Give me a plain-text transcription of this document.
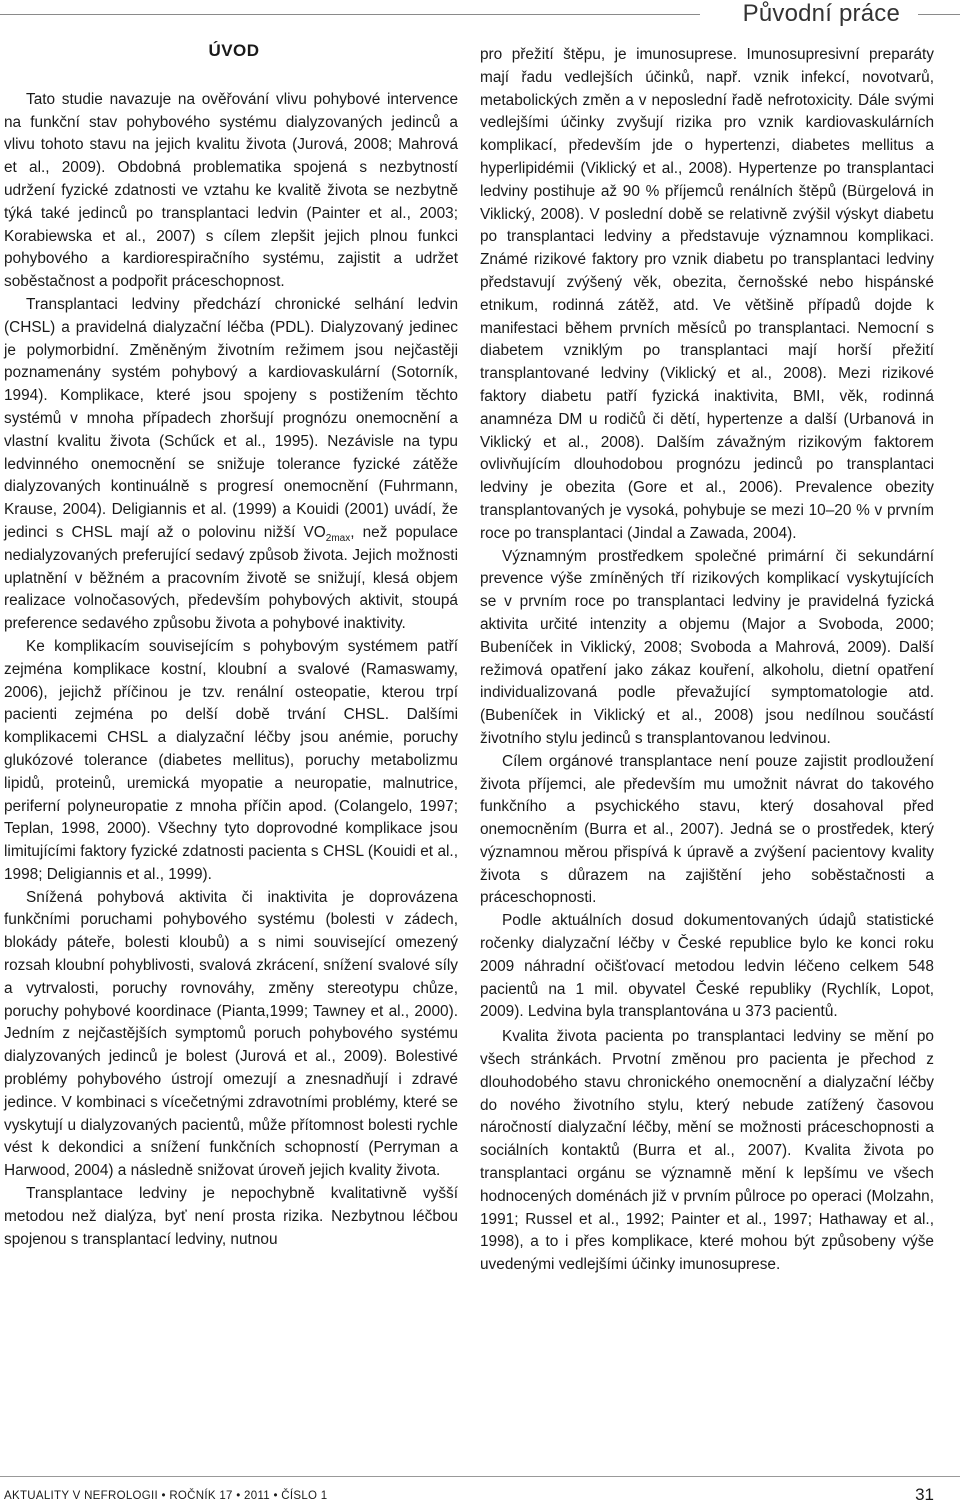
Původní práce
ÚVOD

Tato studie navazuje na ověřování vlivu pohybové intervence na funkční stav pohybového systému dialyzovaných jedinců a vlivu tohoto stavu na jejich kvalitu života (Jurová, 2008; Mahrová et al., 2009). Obdobná problematika spojená s nezbytností udržení fyzické zdatnosti ve vztahu ke kvalitě života se nezbytně týká také jedinců po transplantaci ledvin (Painter et al., 2003; Korabiewska et al., 2007) s cílem zlepšit jejich plnou funkci pohybového a kardiorespiračního systému, zajistit a udržet soběstačnost a podpořit práceschopnost.

Transplantaci ledviny předchází chronické selhání ledvin (CHSL) a pravidelná dialyzační léčba (PDL). Dialyzovaný jedinec je polymorbidní. Změněným životním režimem jsou nejčastěji poznamenány systém pohybový a kardiovaskulární (Sotorník, 1994). Komplikace, které jsou spojeny s postižením těchto systémů v mnoha případech zhoršují prognózu onemocnění a vlastní kvalitu života (Schűck et al., 1995). Nezávisle na typu ledvinného onemocnění se snižuje tolerance fyzické zátěže dialyzovaných kontinuálně s progresí onemocnění (Fuhrmann, Krause, 2004). Deligiannis et al. (1999) a Kouidi (2001) uvádí, že jedinci s CHSL mají až o polovinu nižší $VO_{2max}$, než populace nedialyzovaných preferující sedavý způsob života. Jejich možnosti uplatnění v běžném a pracovním životě se snižují, klesá objem realizace volnočasových, především pohybových aktivit, stoupá preference sedavého způsobu života a pohybové inaktivity.

Ke komplikacím souvisejícím s pohybovým systémem patří zejména komplikace kostní, kloubní a svalové (Ramaswamy, 2006), jejichž příčinou je tzv. renální osteopatie, kterou trpí pacienti zejména po delší době trvání CHSL. Dalšími komplikacemi CHSL a dialyzační léčby jsou anémie, poruchy glukózové tolerance (diabetes mellitus), poruchy metabolizmu lipidů, proteinů, uremická myopatie a neuropatie, malnutrice, periferní polyneuropatie z mnoha příčin apod. (Colangelo, 1997; Teplan, 1998, 2000). Všechny tyto doprovodné komplikace jsou limitujícími faktory fyzické zdatnosti pacienta s CHSL (Kouidi et al., 1998; Deligiannis et al., 1999).

Snížená pohybová aktivita či inaktivita je doprovázena funkčními poruchami pohybového systému (bolesti v zádech, blokády páteře, bolesti kloubů) a s nimi související omezený rozsah kloubní pohyblivosti, svalová zkrácení, snížení svalové síly a vytrvalosti, poruchy rovnováhy, změny stereotypu chůze, poruchy pohybové koordinace (Pianta,1999; Tawney et al., 2000). Jedním z nejčastějších symptomů poruch pohybového systému dialyzovaných jedinců je bolest (Jurová et al., 2009). Bolestivé problémy pohybového ústrojí omezují a znesnadňují i zdravé jedince. V kombinaci s vícečetnými zdravotními problémy, které se vyskytují u dialyzovaných pacientů, může přítomnost bolesti rychle vést k dekondici a snížení funkčních schopností (Perryman a Harwood, 2004) a následně snižovat úroveň jejich kvality života.

Transplantace ledviny je nepochybně kvalitativně vyšší metodou než dialýza, byť není prosta rizika. Nezbytnou léčbou spojenou s transplantací ledviny, nutnou

pro přežití štěpu, je imunosuprese. Imunosupresivní preparáty mají řadu vedlejších účinků, např. vznik infekcí, novotvarů, metabolických změn a v neposlední řadě nefrotoxicity. Dále svými vedlejšími účinky zvyšují rizika pro vznik kardiovaskulárních komplikací, především jde o hypertenzi, diabetes mellitus a hyperlipidémii (Viklický et al., 2008). Hypertenze po transplantaci ledviny postihuje až 90 % příjemců renálních štěpů (Bürgelová in Viklický, 2008). V poslední době se relativně zvýšil výskyt diabetu po transplantaci ledviny a představuje významnou komplikaci. Známé rizikové faktory pro vznik diabetu po transplantaci ledviny představují zvýšený věk, obezita, černošské nebo hispánské etnikum, rodinná zátěž, atd. Ve většině případů dojde k manifestaci během prvních měsíců po transplantaci. Nemocní s diabetem vzniklým po transplantaci mají horší přežití transplantované ledviny (Viklický et al., 2008). Mezi rizikové faktory diabetu patří fyzická inaktivita, BMI, věk, rodinná anamnéza DM u rodičů či dětí, hypertenze a další (Urbanová in Viklický et al., 2008). Dalším závažným rizikovým faktorem ovlivňujícím dlouhodobou prognózu jedinců po transplantaci ledviny je obezita (Gore et al., 2006). Prevalence obezity transplantovaných je vysoká, pohybuje se mezi 10–20 % v prvním roce po transplantaci (Jindal a Zawada, 2004).

Významným prostředkem společné primární či sekundární prevence výše zmíněných tří rizikových komplikací vyskytujících se v prvním roce po transplantaci ledviny je pravidelná fyzická aktivita určité intenzity a objemu (Major a Svoboda, 2000; Bubeníček in Viklický, 2008; Svoboda a Mahrová, 2009). Další režimová opatření jako zákaz kouření, alkoholu, dietní opatření individualizovaná podle převažující symptomatologie atd. (Bubeníček in Viklický et al., 2008) jsou nedílnou součástí životního stylu jedinců s transplantovanou ledvinou.

Cílem orgánové transplantace není pouze zajistit prodloužení života příjemci, ale především mu umožnit návrat do takového funkčního a psychického stavu, který dosahoval před onemocněním (Burra et al., 2007). Jedná se o prostředek, který významnou měrou přispívá k úpravě a zvýšení pacientovy kvality života s důrazem na zajištění jeho soběstačnosti a práceschopnosti.

Podle aktuálních dosud dokumentovaných údajů statistické ročenky dialyzační léčby v České republice bylo ke konci roku 2009 náhradní očišťovací metodou ledvin léčeno celkem 548 pacientů na 1 mil. obyvatel České republiky (Rychlík, Lopot, 2009). Ledvina byla transplantována u 373 pacientů.

Kvalita života pacienta po transplantaci ledviny se mění po všech stránkách. Prvotní změnou pro pacienta je přechod z dlouhodobého stavu chronického onemocnění a dialyzační léčby do nového životního stylu, který nebude zatížený časovou náročností dialyzační léčby, mění se možnosti práceschopnosti a sociálních kontaktů (Burra et al., 2007). Kvalita života po transplantaci orgánu se významně mění k lepšímu ve všech hodnocených doménách již v prvním půlroce po operaci (Molzahn, 1991; Russel et al., 1992; Painter et al., 1997; Hathaway et al., 1998), a to i přes komplikace, které mohou být způsobeny výše uvedenými vedlejšími účinky imunosuprese.

AKTUALITY V NEFROLOGII • ROČNÍK 17 • 2011 • ČÍSLO 1	31
